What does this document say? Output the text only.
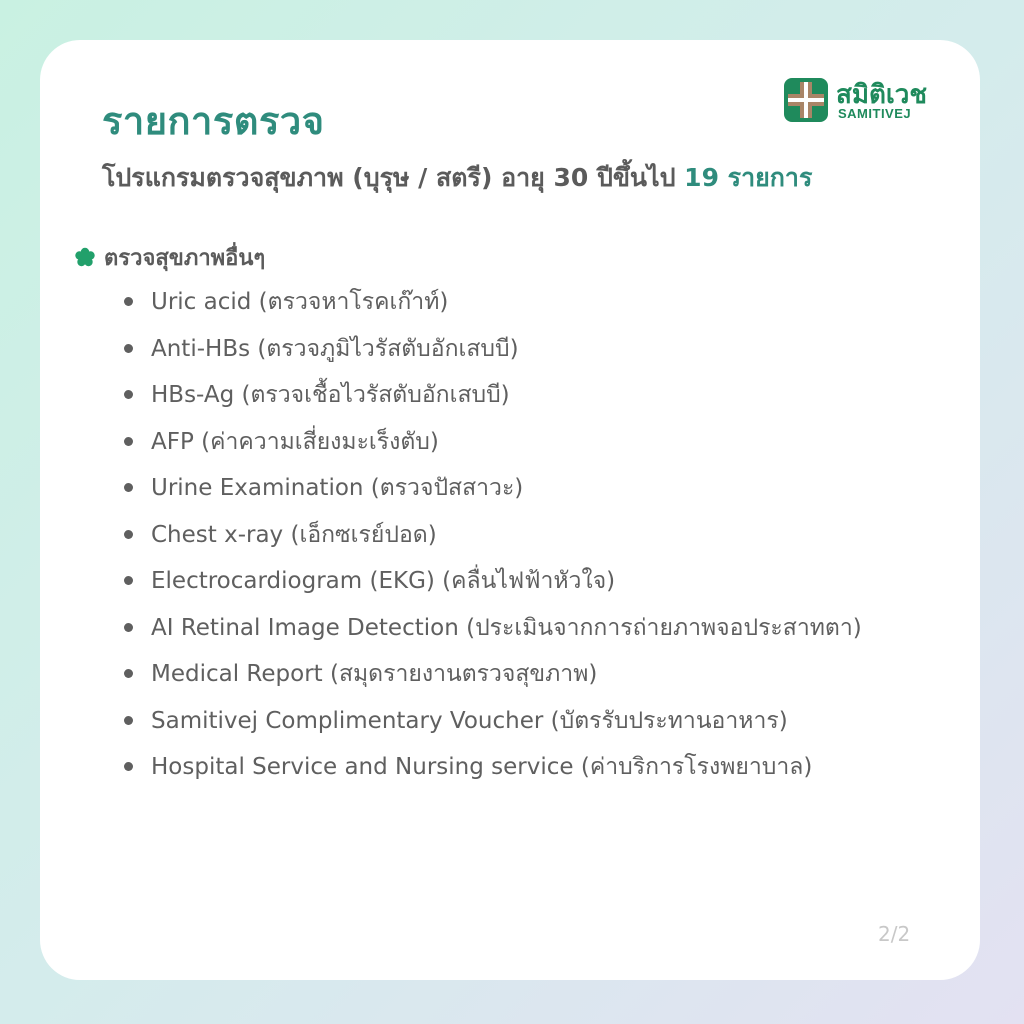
รายการตรวจ
โปรแกรมตรวจสุขภาพ (บุรุษ / สตรี) อายุ 30 ปีขึ้นไป 19 รายการ
สมิติเวช
SAMITIVEJ
ตรวจสุขภาพอื่นๆ
Uric acid (ตรวจหาโรคเก๊าท์)
Anti-HBs (ตรวจภูมิไวรัสตับอักเสบบี)
HBs-Ag (ตรวจเชื้อไวรัสตับอักเสบบี)
AFP (ค่าความเสี่ยงมะเร็งตับ)
Urine Examination (ตรวจปัสสาวะ)
Chest x-ray (เอ็กซเรย์ปอด)
Electrocardiogram (EKG) (คลื่นไฟฟ้าหัวใจ)
AI Retinal Image Detection (ประเมินจากการถ่ายภาพจอประสาทตา)
Medical Report (สมุดรายงานตรวจสุขภาพ)
Samitivej Complimentary Voucher (บัตรรับประทานอาหาร)
Hospital Service and Nursing service (ค่าบริการโรงพยาบาล)
2/2
